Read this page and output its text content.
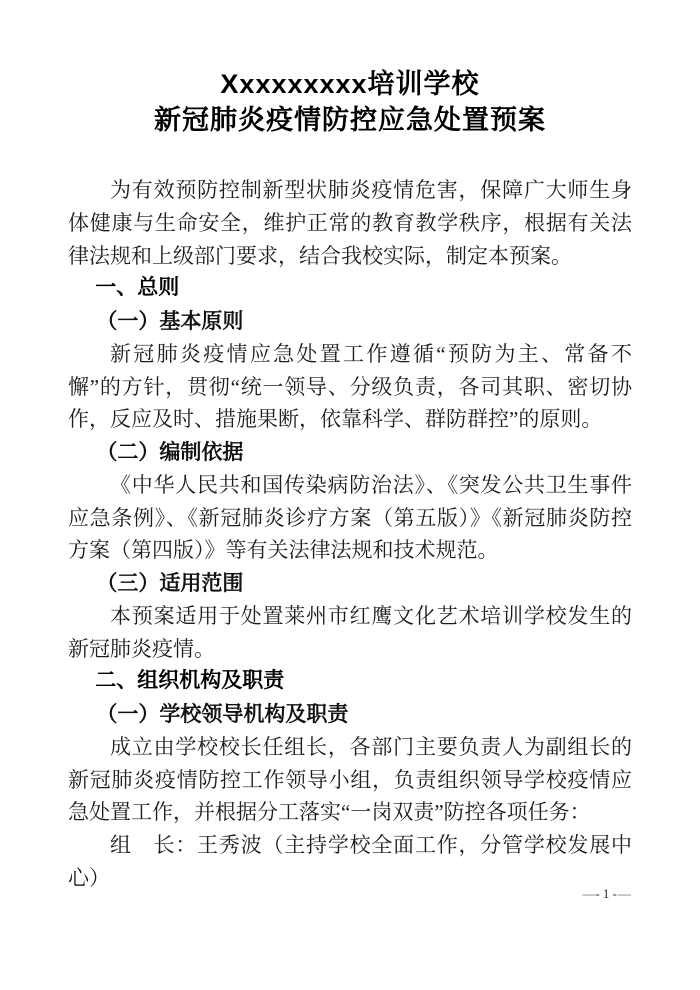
Xxxxxxxxx培训学校
新冠肺炎疫情防控应急处置预案

为有效预防控制新型状肺炎疫情危害，保障广大师生身体健康与生命安全，维护正常的教育教学秩序，根据有关法律法规和上级部门要求，结合我校实际，制定本预案。

一、总则

（一）基本原则

新冠肺炎疫情应急处置工作遵循“预防为主、常备不懈”的方针，贯彻“统一领导、分级负责，各司其职、密切协作，反应及时、措施果断，依靠科学、群防群控”的原则。

（二）编制依据

《中华人民共和国传染病防治法》、《突发公共卫生事件应急条例》、《新冠肺炎诊疗方案（第五版）》《新冠肺炎防控方案（第四版）》等有关法律法规和技术规范。

（三）适用范围

本预案适用于处置莱州市红鹰文化艺术培训学校发生的新冠肺炎疫情。

二、组织机构及职责

（一）学校领导机构及职责

成立由学校校长任组长，各部门主要负责人为副组长的新冠肺炎疫情防控工作领导小组，负责组织领导学校疫情应急处置工作，并根据分工落实“一岗双责”防控各项任务：

组　长：王秀波（主持学校全面工作，分管学校发展中心）

—- 1 -—
